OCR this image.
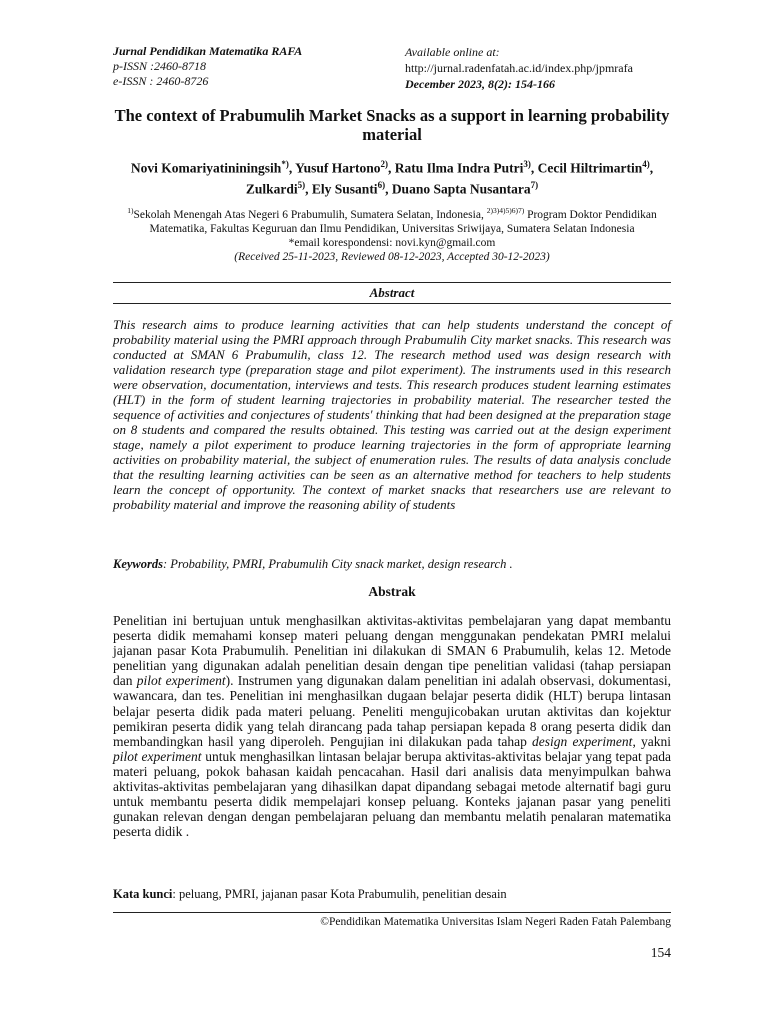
Jurnal Pendidikan Matematika RAFA
p-ISSN :2460-8718
e-ISSN : 2460-8726
Available online at:
http://jurnal.radenfatah.ac.id/index.php/jpmrafa
December 2023, 8(2): 154-166
The context of Prabumulih Market Snacks as a support in learning probability material
Novi Komariyatininingsih*), Yusuf Hartono$^{2)}$, Ratu Ilma Indra Putri$^{3)}$, Cecil Hiltrimartin$^{4)}$, Zulkardi$^{5)}$, Ely Susanti$^{6)}$, Duano Sapta Nusantara$^{7)}$
$^{1)}$Sekolah Menengah Atas Negeri 6 Prabumulih, Sumatera Selatan, Indonesia, $^{2)3)4)5)6)7)}$ Program Doktor Pendidikan Matematika, Fakultas Keguruan dan Ilmu Pendidikan, Universitas Sriwijaya, Sumatera Selatan Indonesia
*email korespondensi: novi.kyn@gmail.com
(Received 25-11-2023, Reviewed 08-12-2023, Accepted 30-12-2023)
Abstract
This research aims to produce learning activities that can help students understand the concept of probability material using the PMRI approach through Prabumulih City market snacks. This research was conducted at SMAN 6 Prabumulih, class 12. The research method used was design research with validation research type (preparation stage and pilot experiment). The instruments used in this research were observation, documentation, interviews and tests. This research produces student learning estimates (HLT) in the form of student learning trajectories in probability material. The researcher tested the sequence of activities and conjectures of students' thinking that had been designed at the preparation stage on 8 students and compared the results obtained. This testing was carried out at the design experiment stage, namely a pilot experiment to produce learning trajectories in the form of appropriate learning activities on probability material, the subject of enumeration rules. The results of data analysis conclude that the resulting learning activities can be seen as an alternative method for teachers to help students learn the concept of opportunity. The context of market snacks that researchers use are relevant to probability material and improve the reasoning ability of students
Keywords: Probability, PMRI, Prabumulih City snack market, design research .
Abstrak
Penelitian ini bertujuan untuk menghasilkan aktivitas-aktivitas pembelajaran yang dapat membantu peserta didik memahami konsep materi peluang dengan menggunakan pendekatan PMRI melalui jajanan pasar Kota Prabumulih. Penelitian ini dilakukan di SMAN 6 Prabumulih, kelas 12. Metode penelitian yang digunakan adalah penelitian desain dengan tipe penelitian validasi (tahap persiapan dan pilot experiment). Instrumen yang digunakan dalam penelitian ini adalah observasi, dokumentasi, wawancara, dan tes. Penelitian ini menghasilkan dugaan belajar peserta didik (HLT) berupa lintasan belajar peserta didik pada materi peluang. Peneliti mengujicobakan urutan aktivitas dan kojektur pemikiran peserta didik yang telah dirancang pada tahap persiapan kepada 8 orang peserta didik dan membandingkan hasil yang diperoleh. Pengujian ini dilakukan pada tahap design experiment, yakni pilot experiment untuk menghasilkan lintasan belajar berupa aktivitas-aktivitas belajar yang tepat pada materi peluang, pokok bahasan kaidah pencacahan. Hasil dari analisis data menyimpulkan bahwa aktivitas-aktivitas pembelajaran yang dihasilkan dapat dipandang sebagai metode alternatif bagi guru untuk membantu peserta didik mempelajari konsep peluang. Konteks jajanan pasar yang peneliti gunakan relevan dengan dengan pembelajaran peluang dan membantu melatih penalaran matematika peserta didik .
Kata kunci: peluang, PMRI, jajanan pasar Kota Prabumulih, penelitian desain
©Pendidikan Matematika Universitas Islam Negeri Raden Fatah Palembang
154
